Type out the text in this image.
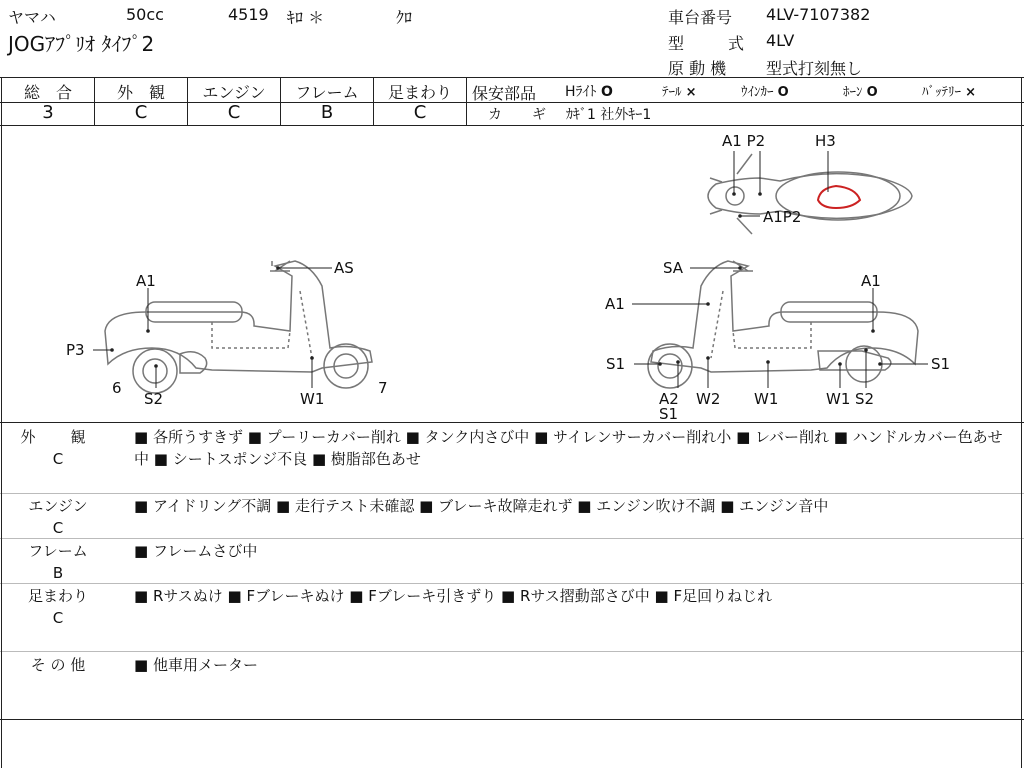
ヤマハ	50cc	4519 ｷﾛ ＊	ｸﾛ
JOGｱﾌﾟﾘｵ ﾀｲﾌﾟ2
車台番号 4LV-7107382
型　式 4LV
原 動 機 型式打刻無し
総　合	外　観	エンジン	フレーム	足まわり
3	C	C	B	C
保安部品 Hﾗｲﾄ O	ﾃｰﾙ ×	ｳｲﾝｶｰ O	ﾎｰﾝ O	ﾊﾞｯﾃﾘｰ ×
カ　ギ ｶｷﾞ1 社外ｷｰ1
A1
AS
P3
6
S2	W1
7
SA
A1
A1
S1
A2
S1
W2 W1	W1 S2
S1
A1 P2	H3
A1P2
外　観
C
■ 各所うすきず ■ プーリーカバー削れ ■ タンク内さび中 ■ サイレンサーカバー削れ小 ■ レバー削れ ■ ハンドルカバー色あせ中 ■ シートスポンジ不良 ■ 樹脂部色あせ
エンジン
C
■ アイドリング不調 ■ 走行テスト未確認 ■ ブレーキ故障走れず ■ エンジン吹け不調 ■ エンジン音中
フレーム
B
■ フレームさび中
足まわり
C
■ Rサスぬけ ■ Fブレーキぬけ ■ Fブレーキ引きずり ■ Rサス摺動部さび中 ■ F足回りねじれ
そ の 他	■ 他車用メーター
